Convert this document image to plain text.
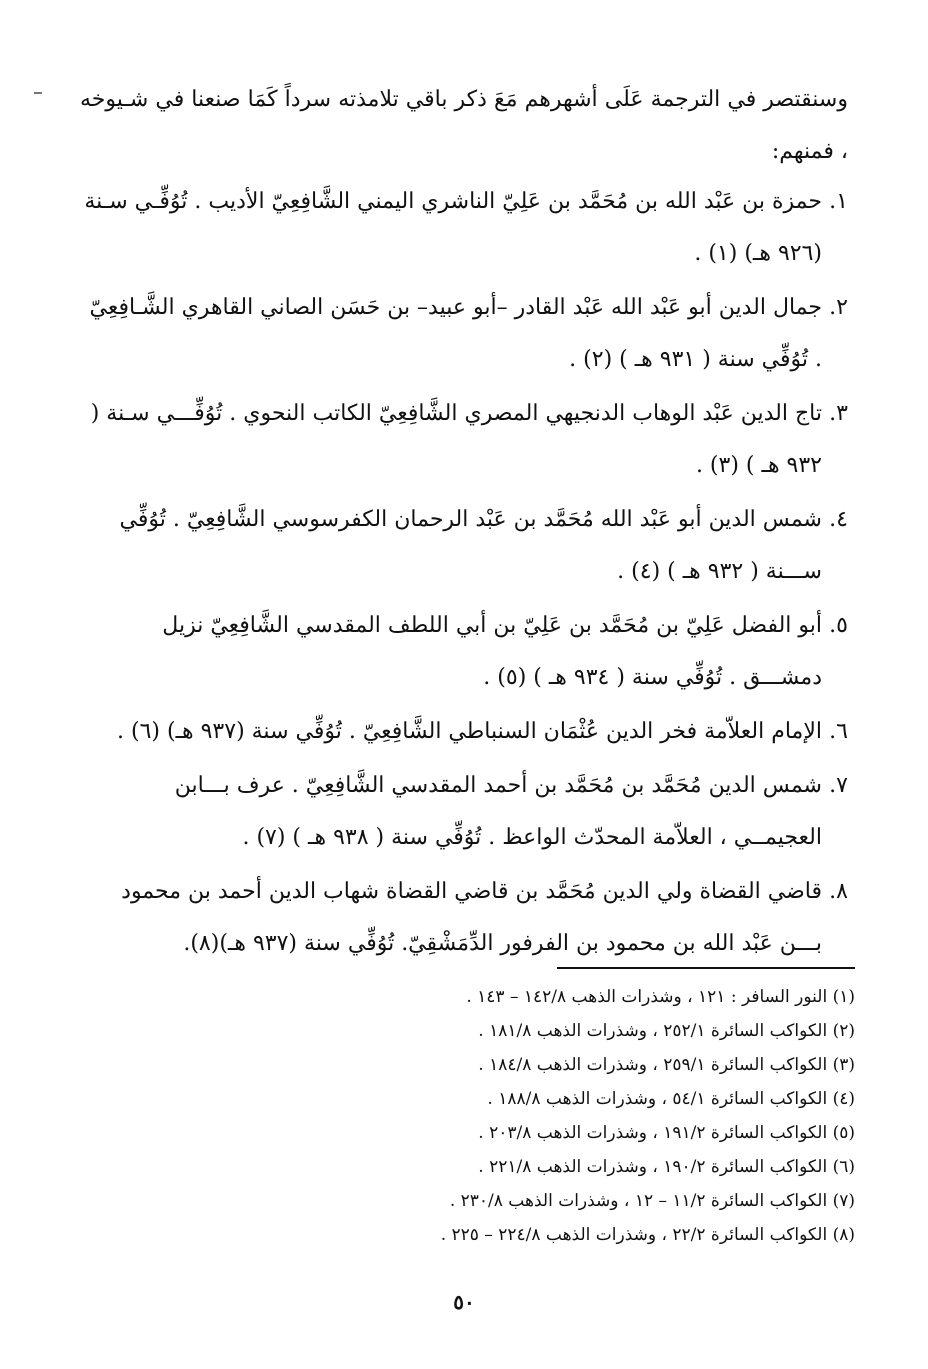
وسنقتصر في الترجمة عَلَى أشهرهم مَعَ ذكر باقي تلامذته سرداً كَمَا صنعنا في شـيوخه ، فمنهم:

١.
حمزة بن عَبْد الله بن مُحَمَّد بن عَلِيّ الناشري اليمني الشَّافِعِيّ الأديب . تُوُفِّـي سـنة (٩٢٦ هـ) (١) .
٢.
جمال الدين أبو عَبْد الله عَبْد القادر –أبو عبيد– بن حَسَن الصاني القاهري الشَّـافِعِيّ . تُوُفِّي سنة ( ٩٣١ هـ ) (٢) .
٣.
تاج الدين عَبْد الوهاب الدنجيهي المصري الشَّافِعِيّ الكاتب النحوي . تُوُفِّـــي سـنة ( ٩٣٢ هـ ) (٣) .
٤.
شمس الدين أبو عَبْد الله مُحَمَّد بن عَبْد الرحمان الكفرسوسي الشَّافِعِيّ . تُوُفِّي ســـنة ( ٩٣٢ هـ ) (٤) .
٥.
أبو الفضل عَلِيّ بن مُحَمَّد بن عَلِيّ بن أبي اللطف المقدسي الشَّافِعِيّ نزيل دمشـــق . تُوُفِّي سنة ( ٩٣٤ هـ ) (٥) .
٦.
الإمام العلاّمة فخر الدين عُثْمَان السنباطي الشَّافِعِيّ . تُوُفِّي سنة (٩٣٧ هـ) (٦) .
٧.
شمس الدين مُحَمَّد بن مُحَمَّد بن أحمد المقدسي الشَّافِعِيّ . عرف بـــابن العجيمــي ، العلاّمة المحدّث الواعظ . تُوُفِّي سنة ( ٩٣٨ هـ ) (٧) .
٨.
قاضي القضاة ولي الدين مُحَمَّد بن قاضي القضاة شهاب الدين أحمد بن محمود بـــن عَبْد الله بن محمود بن الفرفور الدِّمَشْقِيّ. تُوُفِّي سنة (٩٣٧ هـ)(٨).
(١) النور السافر : ١٢١ ، وشذرات الذهب ١٤٢/٨ – ١٤٣ .
(٢) الكواكب السائرة ٢٥٢/١ ، وشذرات الذهب ١٨١/٨ .
(٣) الكواكب السائرة ٢٥٩/١ ، وشذرات الذهب ١٨٤/٨ .
(٤) الكواكب السائرة ٥٤/١ ، وشذرات الذهب ١٨٨/٨ .
(٥) الكواكب السائرة ١٩١/٢ ، وشذرات الذهب ٢٠٣/٨ .
(٦) الكواكب السائرة ١٩٠/٢ ، وشذرات الذهب ٢٢١/٨ .
(٧) الكواكب السائرة ١١/٢ – ١٢ ، وشذرات الذهب ٢٣٠/٨ .
(٨) الكواكب السائرة ٢٢/٢ ، وشذرات الذهب ٢٢٤/٨ – ٢٢٥ .
٥٠
